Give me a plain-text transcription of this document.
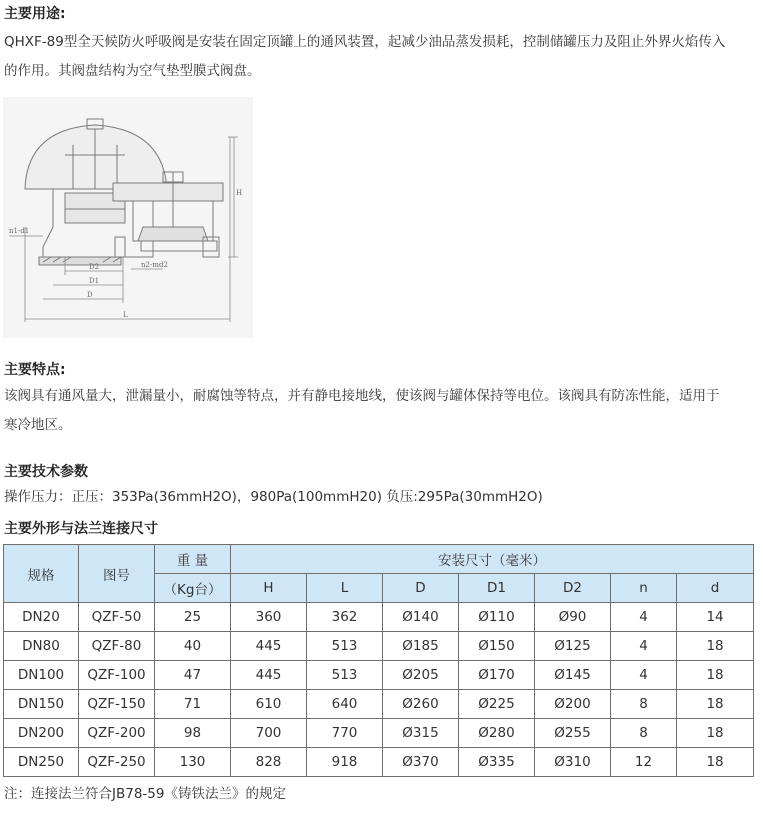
主要用途:
QHXF-89型全天候防火呼吸阀是安装在固定顶罐上的通风装置，起减少油品蒸发损耗，控制储罐压力及阻止外界火焰传入
的作用。其阀盘结构为空气垫型膜式阀盘。
n1-d1
n2-md2
D2
D1
D
L
H
主要特点:
该阀具有通风量大，泄漏量小，耐腐蚀等特点，并有静电接地线，使该阀与罐体保持等电位。该阀具有防冻性能，适用于
寒冷地区。
主要技术参数
操作压力：正压：353Pa(36mmH2O)，980Pa(100mmH20) 负压:295Pa(30mmH2O)
主要外形与法兰连接尺寸
规格	图号	重 量	安装尺寸（毫米）						
		（Kg台）	H	L	D	D1	D2	n	d
DN20	QZF-50	25	360	362	Ø140	Ø110	Ø90	4	14
DN80	QZF-80	40	445	513	Ø185	Ø150	Ø125	4	18
DN100	QZF-100	47	445	513	Ø205	Ø170	Ø145	4	18
DN150	QZF-150	71	610	640	Ø260	Ø225	Ø200	8	18
DN200	QZF-200	98	700	770	Ø315	Ø280	Ø255	8	18
DN250	QZF-250	130	828	918	Ø370	Ø335	Ø310	12	18
注：连接法兰符合JB78-59《铸铁法兰》的规定
